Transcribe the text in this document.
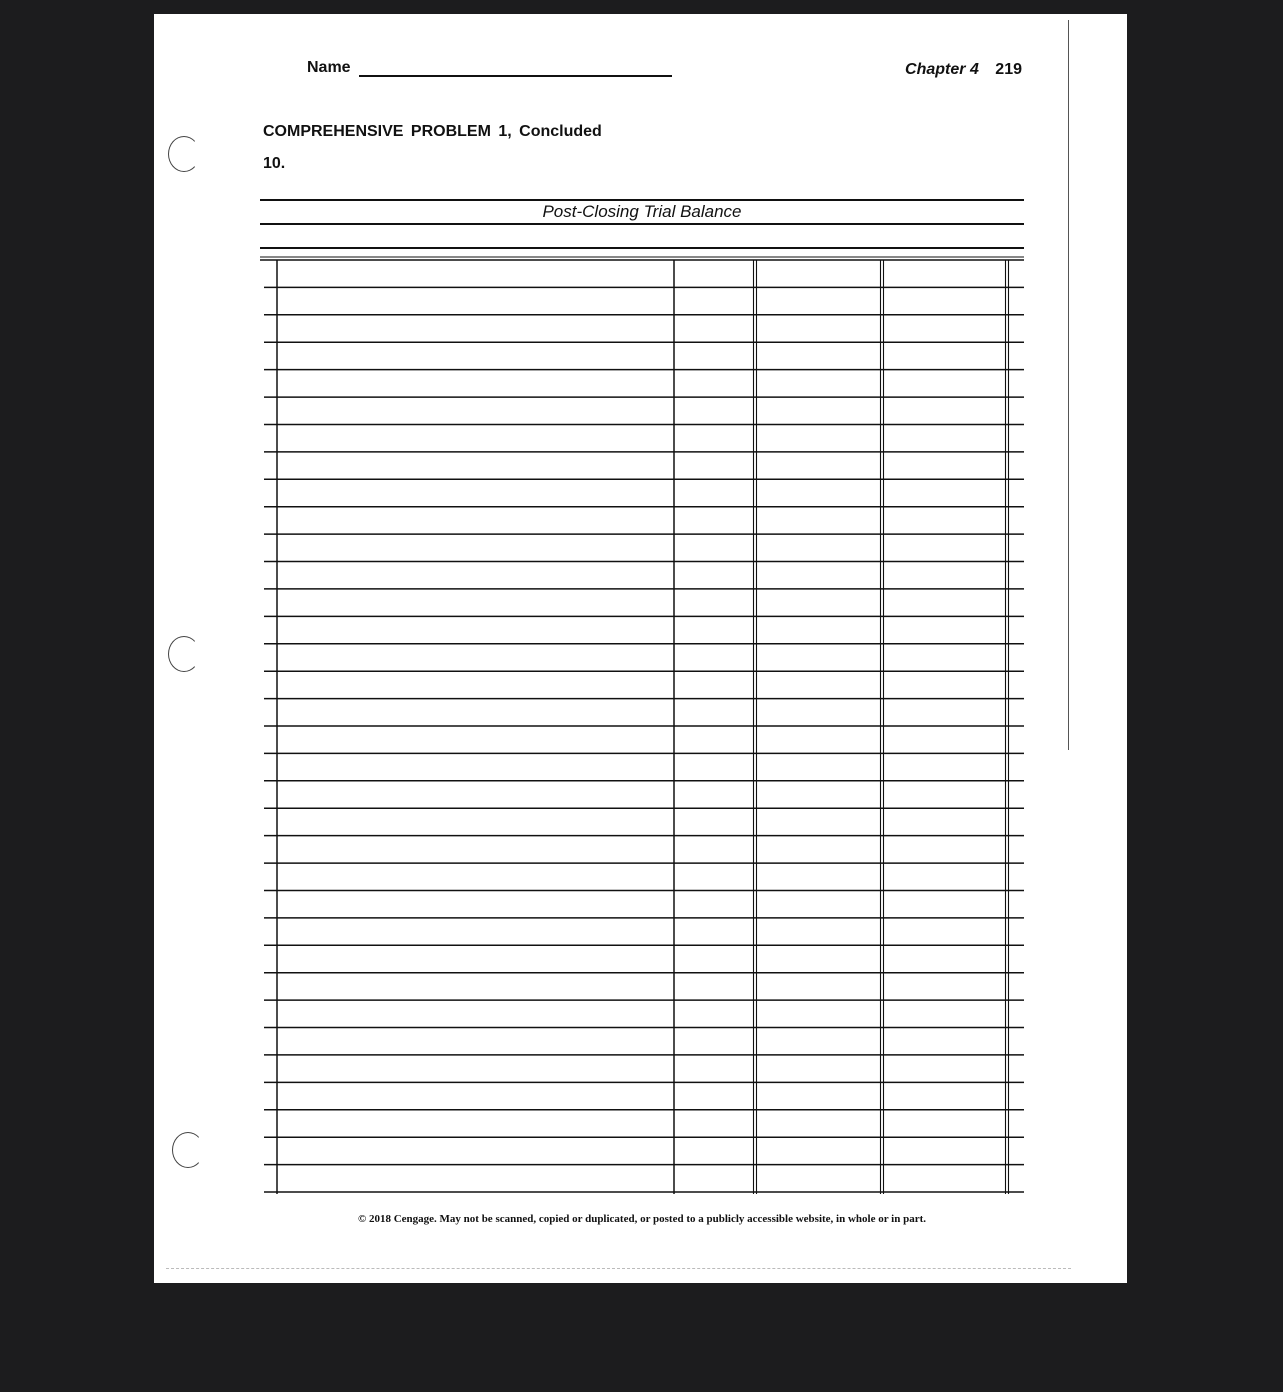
Name	Chapter 4 219
COMPREHENSIVE PROBLEM 1, Concluded
10.
Post-Closing Trial Balance
© 2018 Cengage. May not be scanned, copied or duplicated, or posted to a publicly accessible website, in whole or in part.
